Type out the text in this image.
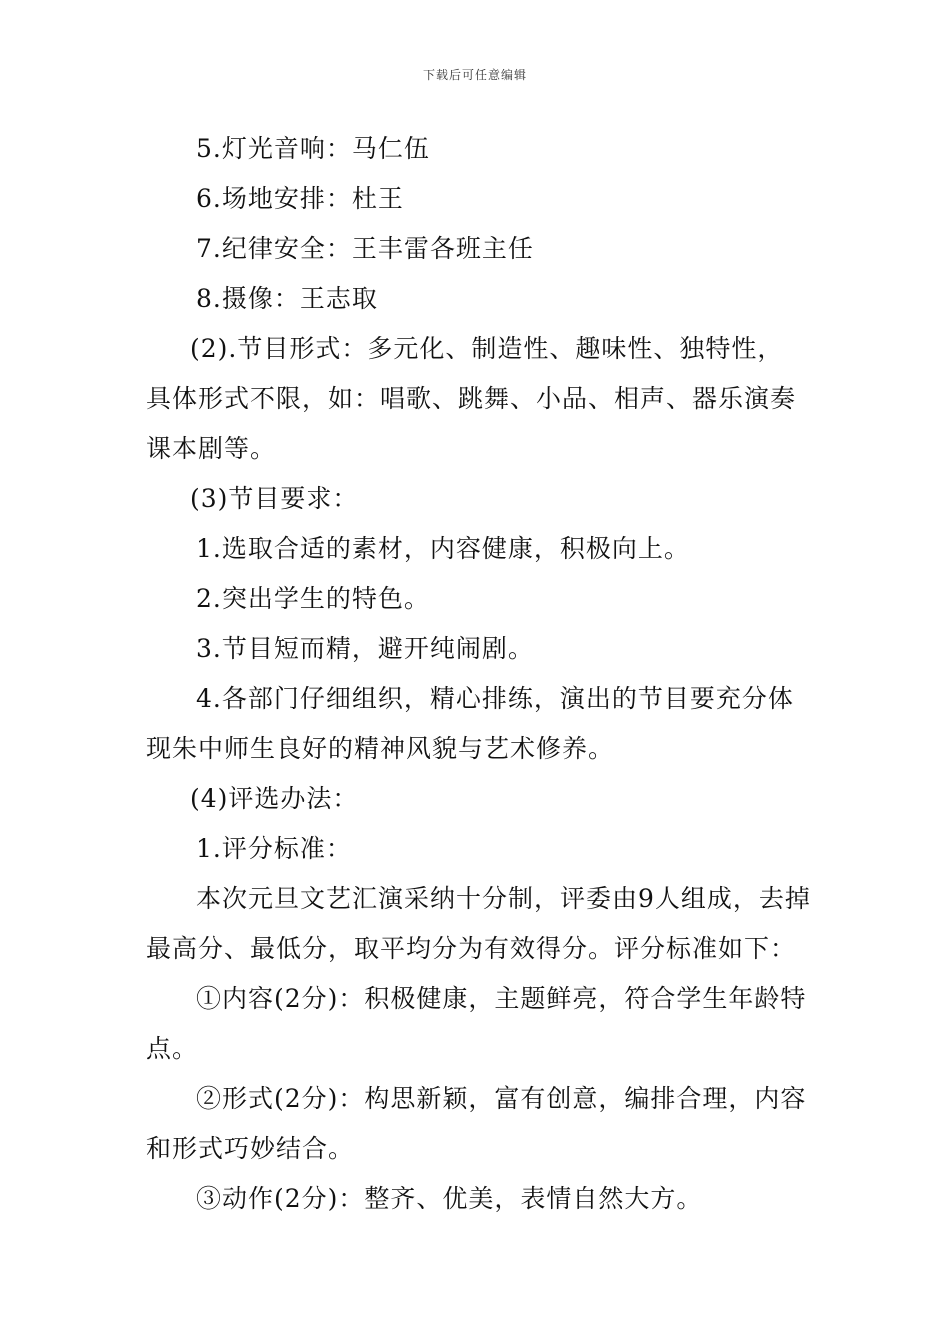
下载后可任意编辑
5.灯光音响：马仁伍
6.场地安排：杜王
7.纪律安全：王丰雷各班主任
8.摄像：王志取
(2).节目形式：多元化、制造性、趣味性、独特性，
具体形式不限，如：唱歌、跳舞、小品、相声、器乐演奏
课本剧等。
(3)节目要求：
1.选取合适的素材，内容健康，积极向上。
2.突出学生的特色。
3.节目短而精，避开纯闹剧。
4.各部门仔细组织，精心排练，演出的节目要充分体
现朱中师生良好的精神风貌与艺术修养。
(4)评选办法：
1.评分标准：
本次元旦文艺汇演采纳十分制，评委由9人组成，去掉
最高分、最低分，取平均分为有效得分。评分标准如下：
①内容(2分)：积极健康，主题鲜亮，符合学生年龄特
点。
②形式(2分)：构思新颖，富有创意，编排合理，内容
和形式巧妙结合。
③动作(2分)：整齐、优美，表情自然大方。
